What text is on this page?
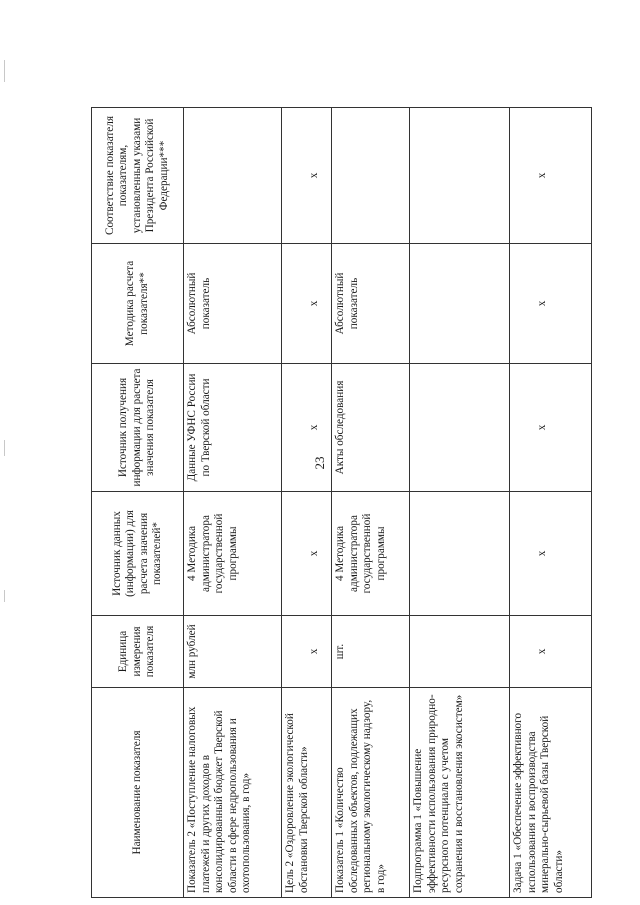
23
Наименование показателя	Единица измерения показателя	Источник данных (информации) для расчета значения показателей*	Источник получения информации для расчета значения показателя	Методика расчета показателя**	Соответствие показателя показателям, установленным указами Президента Российской Федерации***
Показатель 2 «Поступление налоговых платежей и других доходов в консолидированный бюджет Тверской области в сфере недропользования и охотопользования, в год»	млн рублей	4 Методика администратора государственной программы	Данные УФНС России по Тверской области	Абсолютный показатель	
Цель 2 «Оздоровление экологической обстановки Тверской области»	х	х	х	х	х
Показатель 1 «Количество обследованных объектов, подлежащих региональному экологическому надзору, в год»	шт.	4 Методика администратора государственной программы	Акты обследования	Абсолютный показатель	
Подпрограмма 1 «Повышение эффективности использования природно-ресурсного потенциала с учетом сохранения и восстановления экосистем»					
Задача 1 «Обеспечение эффективного использования и воспроизводства минерально-сырьевой базы Тверской области»	х	х	х	х	х
